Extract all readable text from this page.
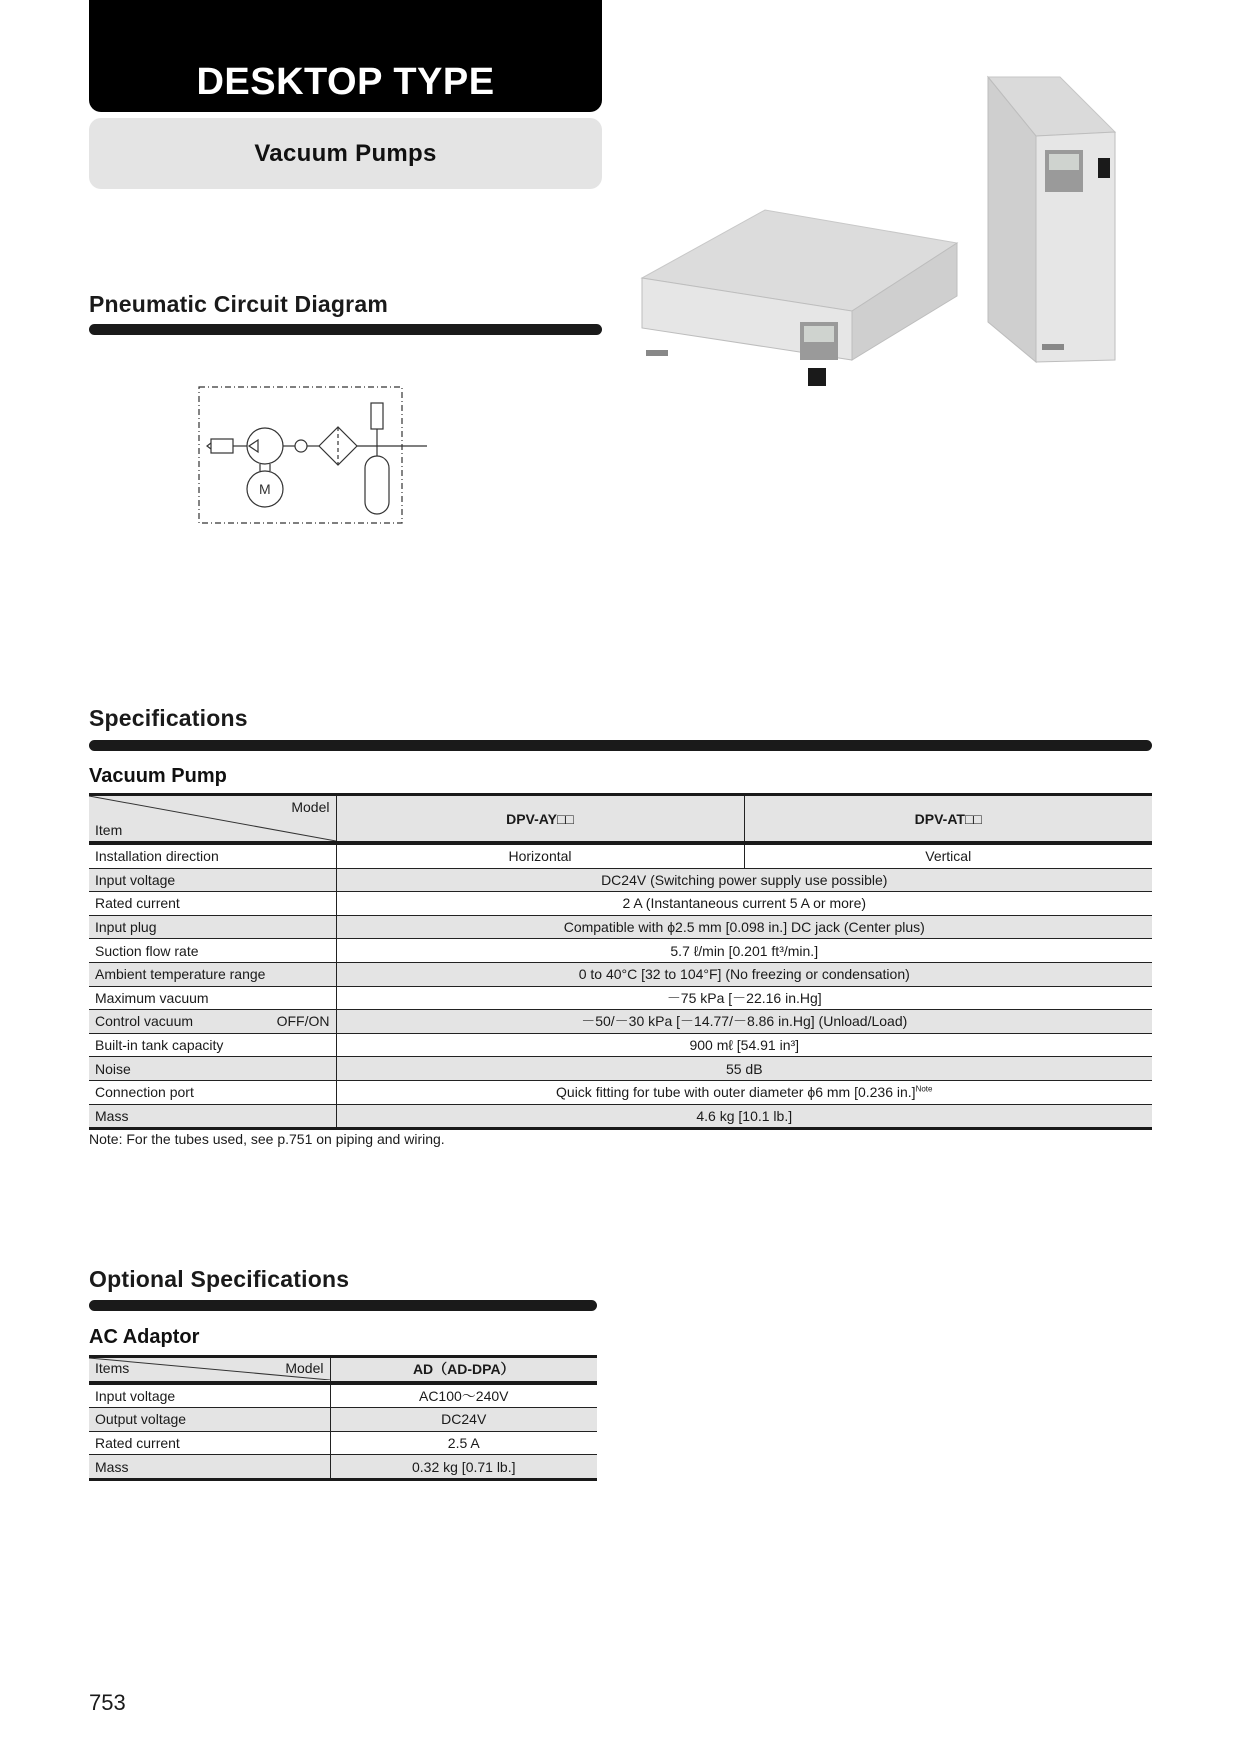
DESKTOP TYPE
Vacuum Pumps
Pneumatic Circuit Diagram
M
Specifications
Vacuum Pump
Model
Item	DPV-AY□□	DPV-AT□□
Installation direction	Horizontal	Vertical
Input voltage	DC24V (Switching power supply use possible)	
Rated current	2 A (Instantaneous current 5 A or more)	
Input plug	Compatible with ϕ2.5 mm [0.098 in.] DC jack (Center plus)	
Suction flow rate	5.7 ℓ/min [0.201 ft³/min.]	
Ambient temperature range	0 to 40°C [32 to 104°F] (No freezing or condensation)	
Maximum vacuum	－75 kPa [－22.16 in.Hg]	

Control vacuum OFF/ON	－50/－30 kPa [－14.77/－8.86 in.Hg] (Unload/Load)	
Built-in tank capacity	900 mℓ [54.91 in³]	
Noise	55 dB	
Connection port	Quick fitting for tube with outer diameter ϕ6 mm [0.236 in.]$^{Note}$
Mass	4.6 kg [10.1 lb.]	
Note: For the tubes used, see p.751 on piping and wiring.
Optional Specifications
AC Adaptor
Items Model	AD（AD-DPA）
Input voltage	AC100～240V
Output voltage	DC24V
Rated current	2.5 A
Mass	0.32 kg [0.71 lb.]
753
